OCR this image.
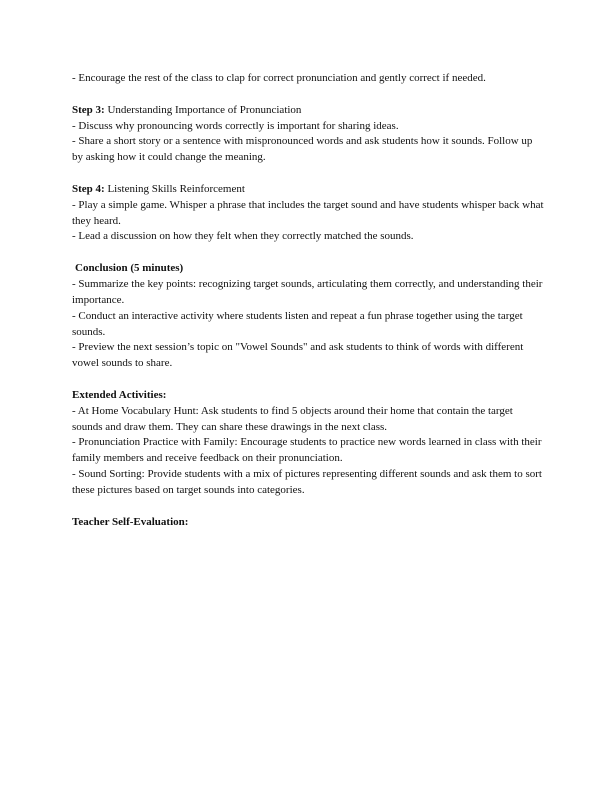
- Encourage the rest of the class to clap for correct pronunciation and gently correct if needed.

Step 3: Understanding Importance of Pronunciation

- Discuss why pronouncing words correctly is important for sharing ideas.

- Share a short story or a sentence with mispronounced words and ask students how it sounds. Follow up by asking how it could change the meaning.

Step 4: Listening Skills Reinforcement

- Play a simple game. Whisper a phrase that includes the target sound and have students whisper back what they heard.

- Lead a discussion on how they felt when they correctly matched the sounds.

Conclusion (5 minutes)

- Summarize the key points: recognizing target sounds, articulating them correctly, and understanding their importance.

- Conduct an interactive activity where students listen and repeat a fun phrase together using the target sounds.

- Preview the next session’s topic on "Vowel Sounds" and ask students to think of words with different vowel sounds to share.

Extended Activities:

- At Home Vocabulary Hunt: Ask students to find 5 objects around their home that contain the target sounds and draw them. They can share these drawings in the next class.

- Pronunciation Practice with Family: Encourage students to practice new words learned in class with their family members and receive feedback on their pronunciation.

- Sound Sorting: Provide students with a mix of pictures representing different sounds and ask them to sort these pictures based on target sounds into categories.

Teacher Self-Evaluation:
